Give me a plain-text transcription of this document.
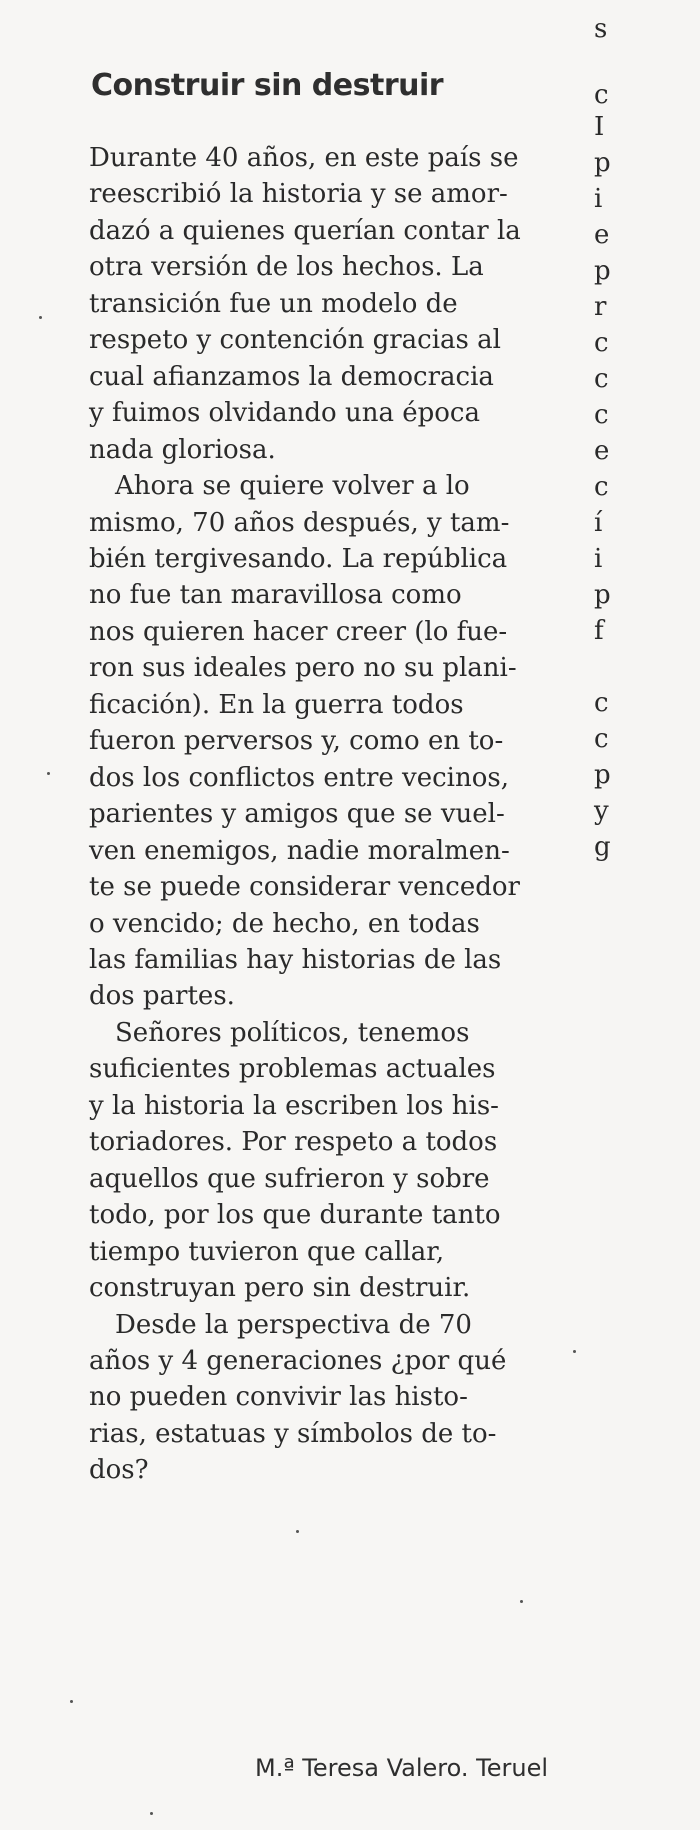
Construir sin destruir
Durante 40 años, en este país se
reescribió la historia y se amor-
dazó a quienes querían contar la
otra versión de los hechos. La
transición fue un modelo de
respeto y contención gracias al
cual afianzamos la democracia
y fuimos olvidando una época
nada gloriosa.
Ahora se quiere volver a lo
mismo, 70 años después, y tam-
bién tergivesando. La república
no fue tan maravillosa como
nos quieren hacer creer (lo fue-
ron sus ideales pero no su plani-
ficación). En la guerra todos
fueron perversos y, como en to-
dos los conflictos entre vecinos,
parientes y amigos que se vuel-
ven enemigos, nadie moralmen-
te se puede considerar vencedor
o vencido; de hecho, en todas
las familias hay historias de las
dos partes.
Señores políticos, tenemos
suficientes problemas actuales
y la historia la escriben los his-
toriadores. Por respeto a todos
aquellos que sufrieron y sobre
todo, por los que durante tanto
tiempo tuvieron que callar,
construyan pero sin destruir.
Desde la perspectiva de 70
años y 4 generaciones ¿por qué
no pueden convivir las histo-
rias, estatuas y símbolos de to-
dos?

M.ª Teresa Valero. Teruel

s
c
I
p
i
e
p
r
c
c
c
e
c
í
i
p
f
c
c
p
y
g
